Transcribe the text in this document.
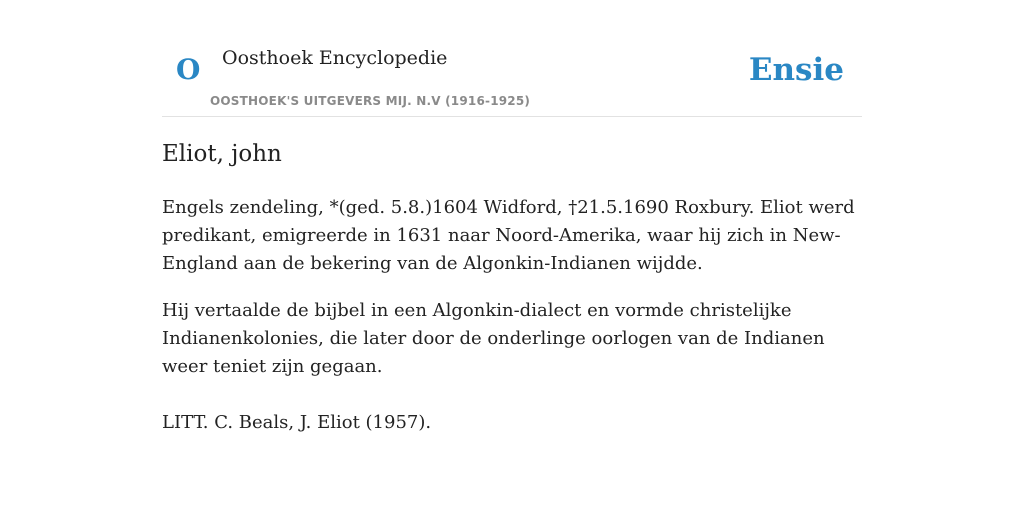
O Oosthoek Encyclopedie
OOSTHOEK'S UITGEVERS MIJ. N.V (1916-1925)
Ensie
Eliot, john

Engels zendeling, *(ged. 5.8.)1604 Widford, †21.5.1690 Roxbury. Eliot werd predikant, emigreerde in 1631 naar Noord-Amerika, waar hij zich in New-England aan de bekering van de Algonkin-Indianen wijdde.

Hij vertaalde de bijbel in een Algonkin-dialect en vormde christelijke Indianenkolonies, die later door de onderlinge oorlogen van de Indianen weer teniet zijn gegaan.

LITT. C. Beals, J. Eliot (1957).
